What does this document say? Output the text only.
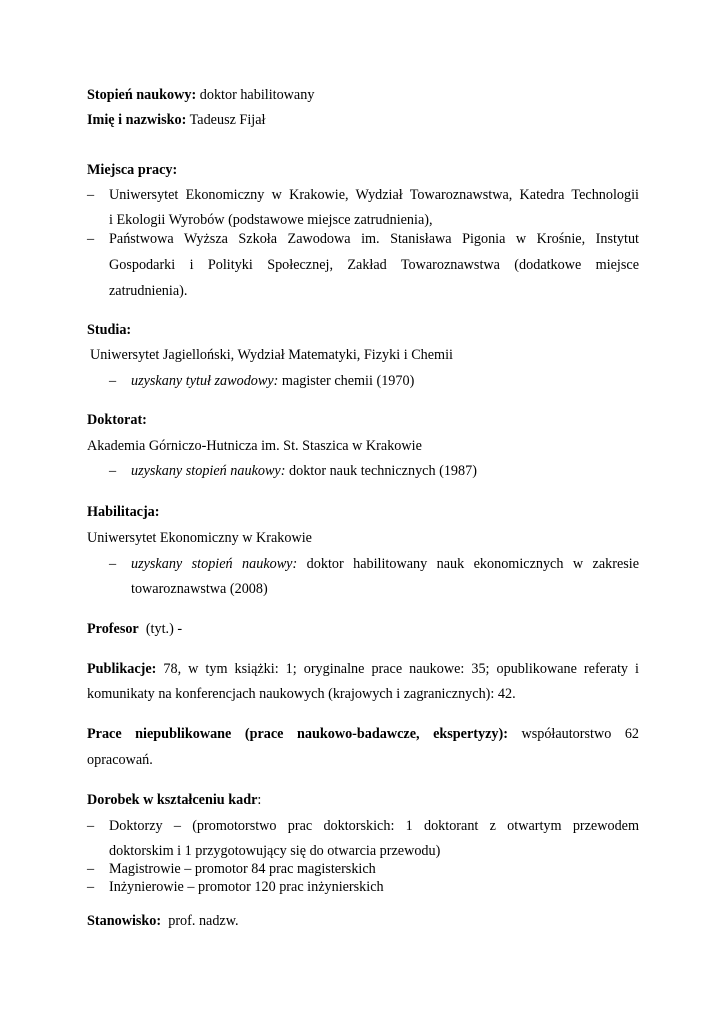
Stopień naukowy: doktor habilitowany
Imię i nazwisko: Tadeusz Fijał
Miejsca pracy:
– Uniwersytet Ekonomiczny w Krakowie, Wydział Towaroznawstwa, Katedra Technologii
i Ekologii Wyrobów (podstawowe miejsce zatrudnienia),
– Państwowa Wyższa Szkoła Zawodowa im. Stanisława Pigonia w Krośnie, Instytut
Gospodarki i Polityki Społecznej, Zakład Towaroznawstwa (dodatkowe miejsce
zatrudnienia).
Studia:
Uniwersytet Jagielloński, Wydział Matematyki, Fizyki i Chemii
– uzyskany tytuł zawodowy: magister chemii (1970)
Doktorat:
Akademia Górniczo-Hutnicza im. St. Staszica w Krakowie
– uzyskany stopień naukowy: doktor nauk technicznych (1987)
Habilitacja:
Uniwersytet Ekonomiczny w Krakowie
– uzyskany stopień naukowy: doktor habilitowany nauk ekonomicznych w zakresie
towaroznawstwa (2008)
Profesor (tyt.) -
Publikacje: 78, w tym książki: 1; oryginalne prace naukowe: 35; opublikowane referaty i
komunikaty na konferencjach naukowych (krajowych i zagranicznych): 42.
Prace niepublikowane (prace naukowo-badawcze, ekspertyzy): współautorstwo 62
opracowań.
Dorobek w kształceniu kadr:
– Doktorzy – (promotorstwo prac doktorskich: 1 doktorant z otwartym przewodem
doktorskim i 1 przygotowujący się do otwarcia przewodu)
– Magistrowie – promotor 84 prac magisterskich
– Inżynierowie – promotor 120 prac inżynierskich
Stanowisko: prof. nadzw.
